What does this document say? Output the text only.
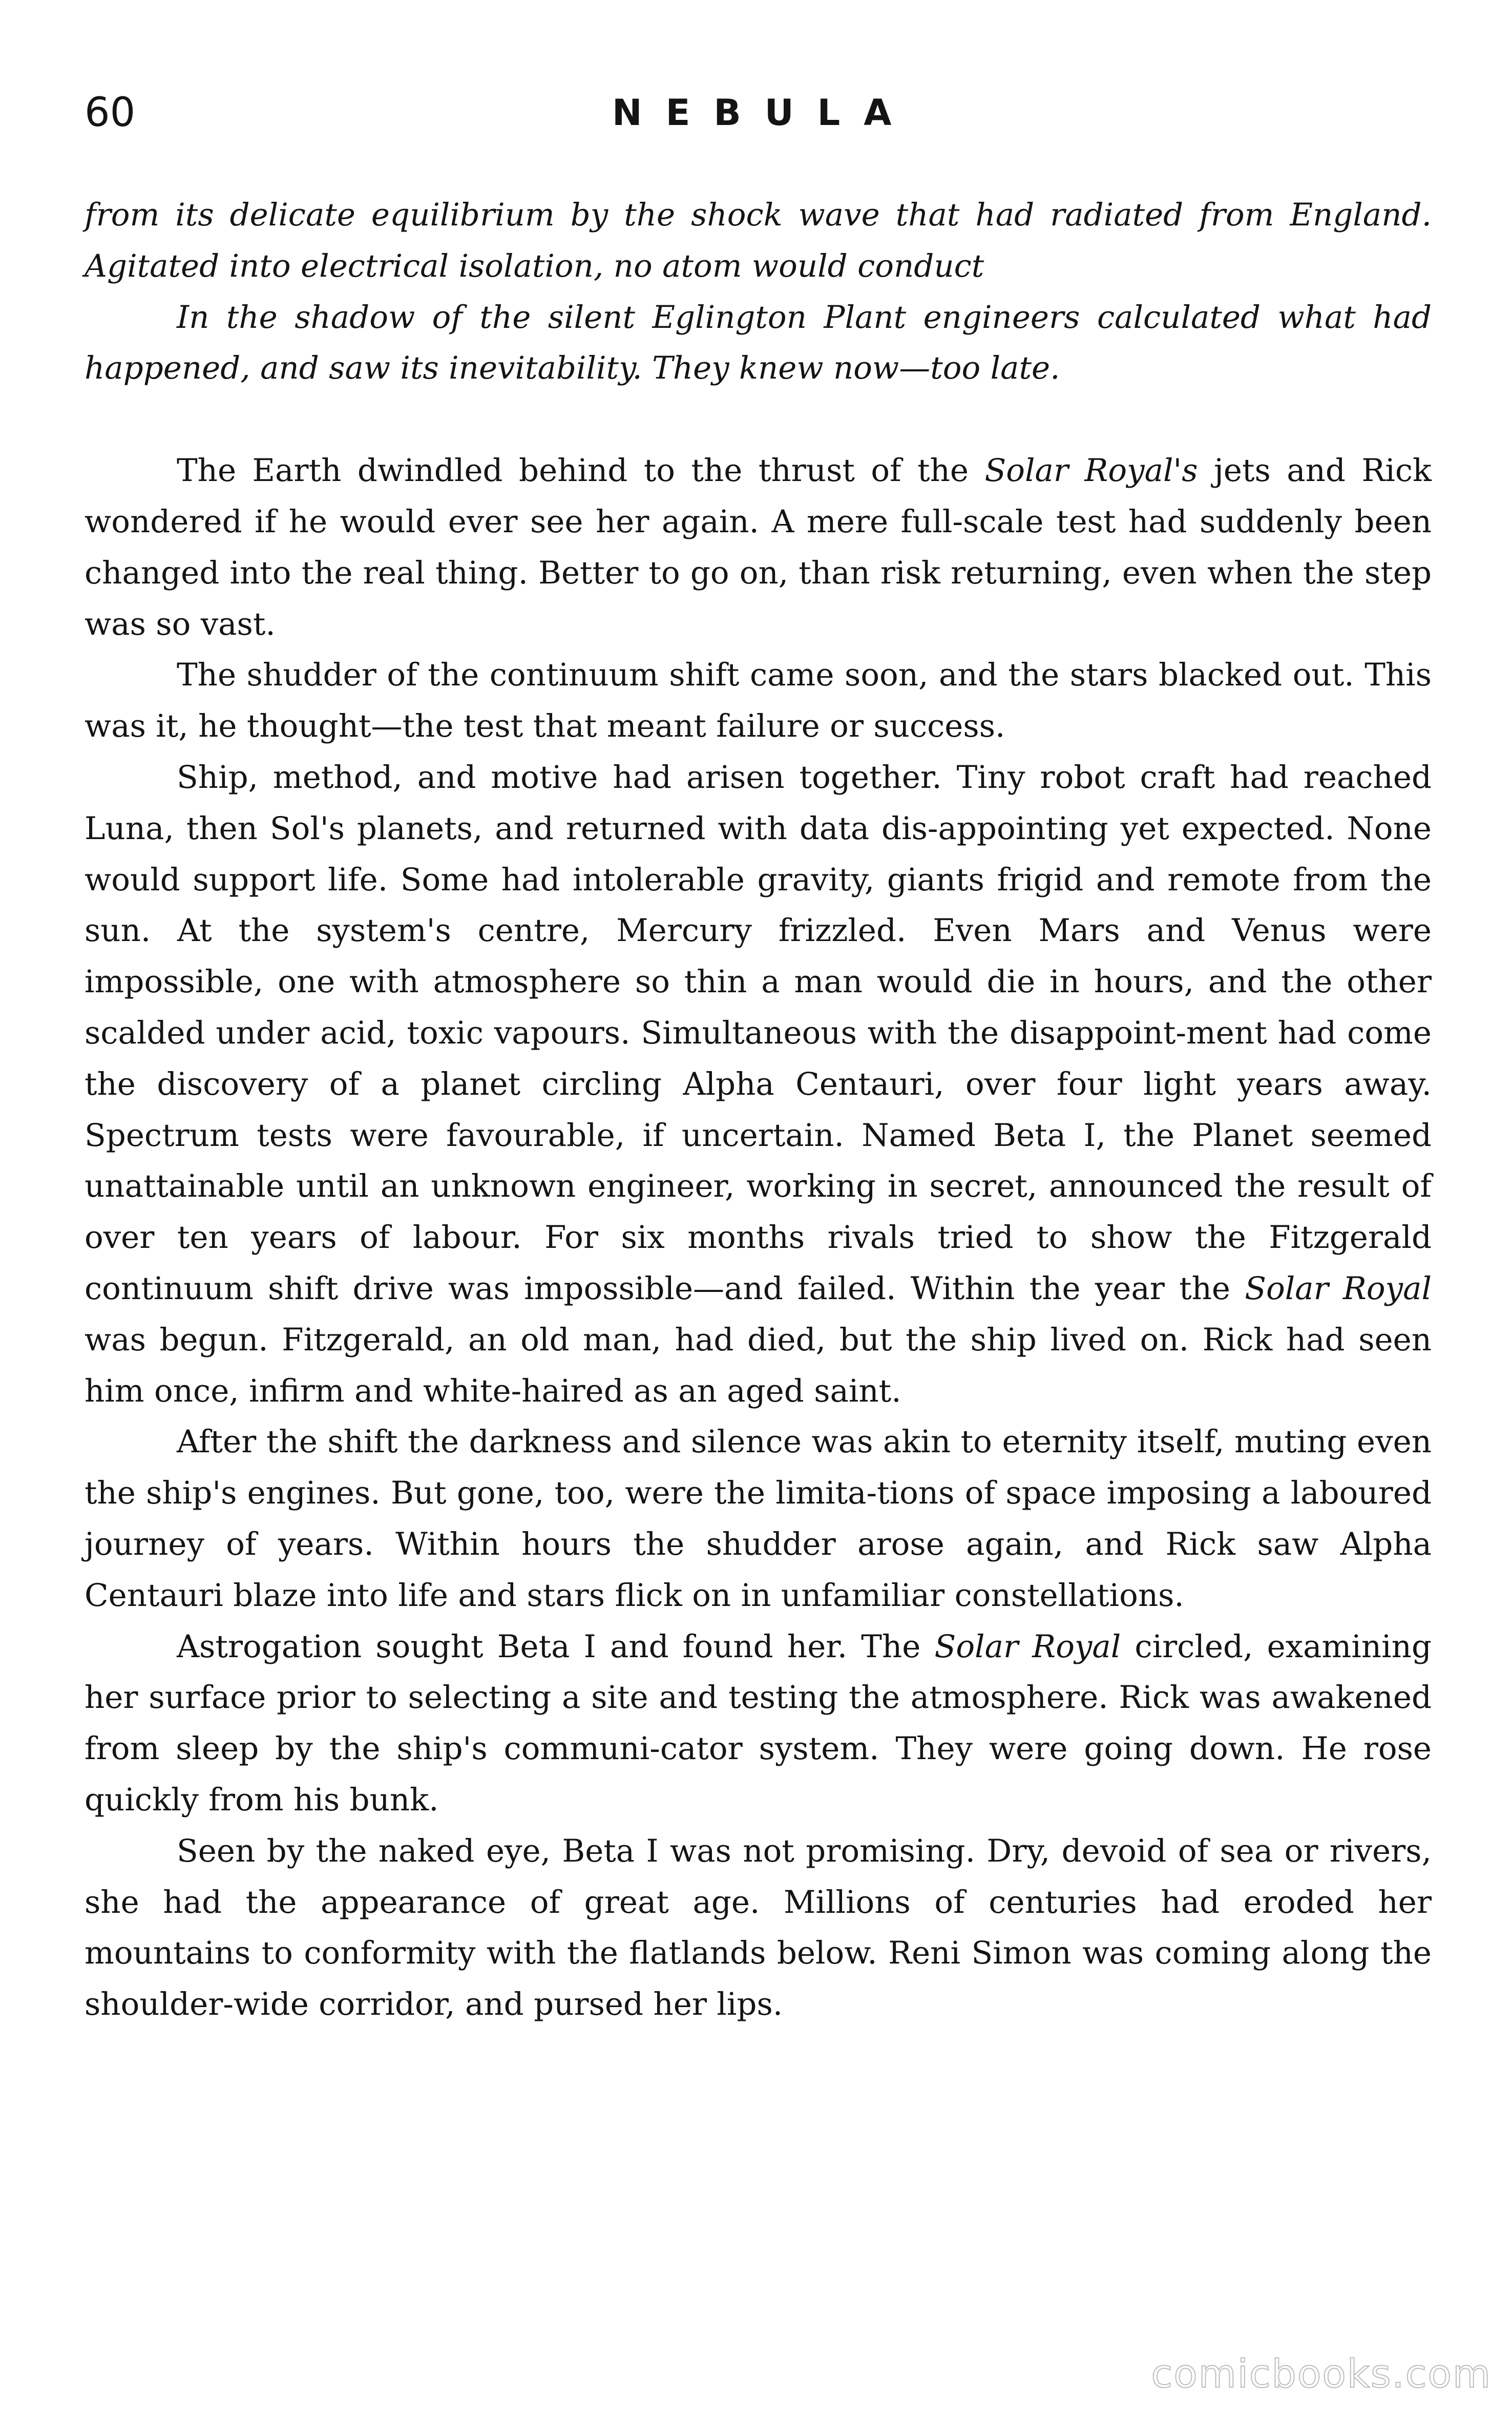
60	NEBULA

from its delicate equilibrium by the shock wave that had radiated from England. Agitated into electrical isolation, no atom would conduct

In the shadow of the silent Eglington Plant engineers calculated what had happened, and saw its inevitability. They knew now—too late.

The Earth dwindled behind to the thrust of the Solar Royal's jets and Rick wondered if he would ever see her again. A mere full-scale test had suddenly been changed into the real thing. Better to go on, than risk returning, even when the step was so vast.

The shudder of the continuum shift came soon, and the stars blacked out. This was it, he thought—the test that meant failure or success.

Ship, method, and motive had arisen together. Tiny robot craft had reached Luna, then Sol's planets, and returned with data dis-appointing yet expected. None would support life. Some had intolerable gravity, giants frigid and remote from the sun. At the system's centre, Mercury frizzled. Even Mars and Venus were impossible, one with atmosphere so thin a man would die in hours, and the other scalded under acid, toxic vapours. Simultaneous with the disappoint-ment had come the discovery of a planet circling Alpha Centauri, over four light years away. Spectrum tests were favourable, if uncertain. Named Beta I, the Planet seemed unattainable until an unknown engineer, working in secret, announced the result of over ten years of labour. For six months rivals tried to show the Fitzgerald continuum shift drive was impossible—and failed. Within the year the Solar Royal was begun. Fitzgerald, an old man, had died, but the ship lived on. Rick had seen him once, infirm and white-haired as an aged saint.

After the shift the darkness and silence was akin to eternity itself, muting even the ship's engines. But gone, too, were the limita-tions of space imposing a laboured journey of years. Within hours the shudder arose again, and Rick saw Alpha Centauri blaze into life and stars flick on in unfamiliar constellations.

Astrogation sought Beta I and found her. The Solar Royal circled, examining her surface prior to selecting a site and testing the atmosphere. Rick was awakened from sleep by the ship's communi-cator system. They were going down. He rose quickly from his bunk.

Seen by the naked eye, Beta I was not promising. Dry, devoid of sea or rivers, she had the appearance of great age. Millions of centuries had eroded her mountains to conformity with the flatlands below. Reni Simon was coming along the shoulder-wide corridor, and pursed her lips.

comicbooks.com
